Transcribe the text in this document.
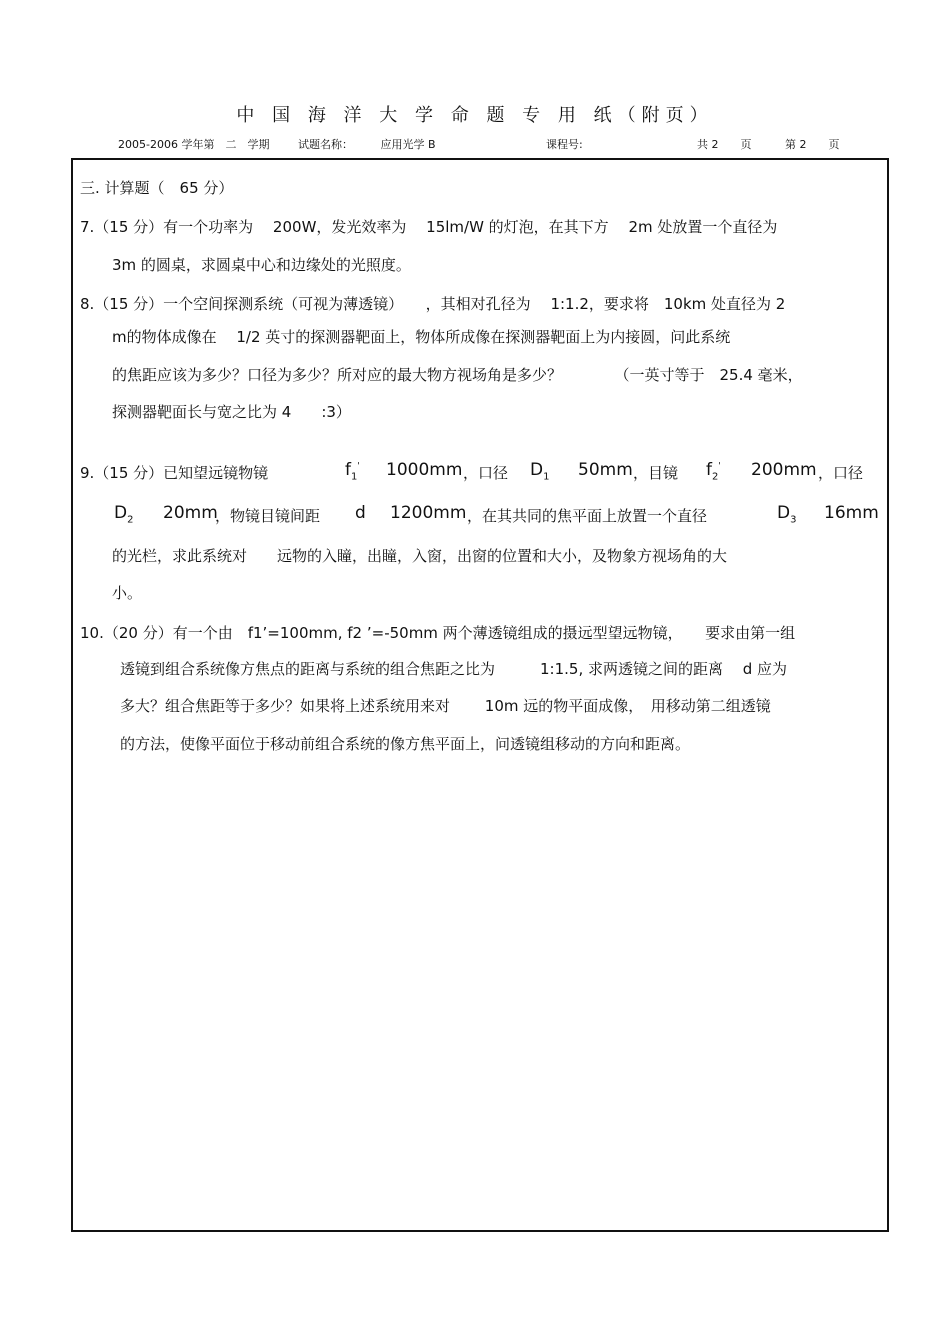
中 国 海 洋 大 学 命 题 专 用 纸（附页）
2005-2006 学年第　二　学期	试题名称：　　　应用光学 B	课程号:	共 2　　页	第 2　　页
三. 计算题（　65 分）
7.（15 分）有一个功率为　 200W，发光效率为　 15lm/W 的灯泡，在其下方　 2m 处放置一个直径为
3m 的圆桌，求圆桌中心和边缘处的光照度。
8.（15 分）一个空间探测系统（可视为薄透镜）　　，其相对孔径为　 1:1.2，要求将　10km 处直径为 2
m的物体成像在　 1/2 英寸的探测器靶面上，物体所成像在探测器靶面上为内接圆，问此系统
的焦距应该为多少？口径为多少？所对应的最大物方视场角是多少？　　　　（一英寸等于　25.4 毫米，
探测器靶面长与宽之比为 4　　:3）
9.（15 分）已知望远镜物镜	$f_1'$ 1000mm ，口径 $D_1$ 50mm ，目镜 $f_2'$ 200mm ，口径
$D_2$ 20mm
，物镜目镜间距 d 1200mm ，在其共同的焦平面上放置一个直径	$D_3$ 16mm
的光栏，求此系统对　　远物的入瞳，出瞳，入窗，出窗的位置和大小，及物象方视场角的大
小。
10.（20 分）有一个由　f1’=100mm, f2 ’=-50mm 两个薄透镜组成的摄远型望远物镜，　　要求由第一组
透镜到组合系统像方焦点的距离与系统的组合焦距之比为　　　1:1.5, 求两透镜之间的距离　 d 应为
多大？组合焦距等于多少？如果将上述系统用来对　　 10m 远的物平面成像，　用移动第二组透镜
的方法，使像平面位于移动前组合系统的像方焦平面上，问透镜组移动的方向和距离。
